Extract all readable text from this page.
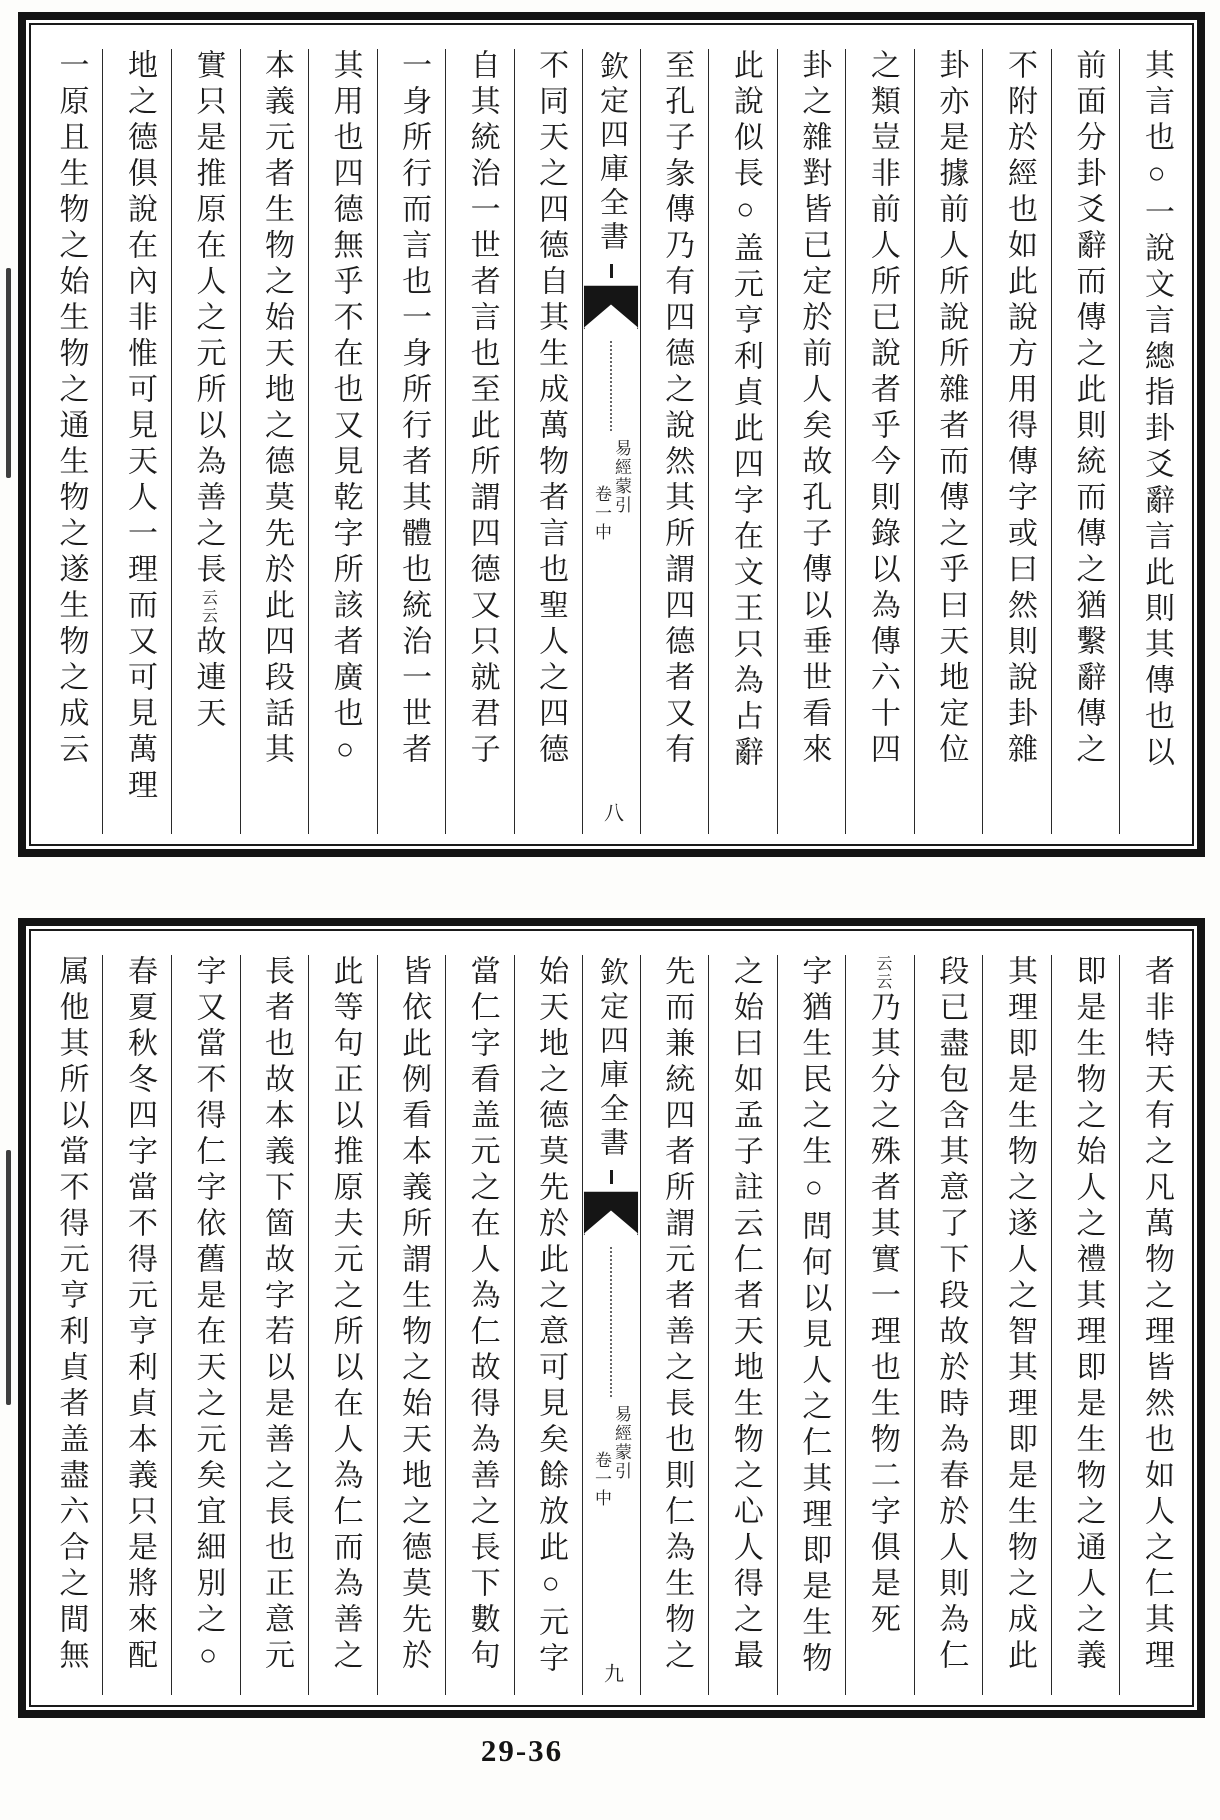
其言也○一說文言總指卦爻辭言此則其傳也以
前面分卦爻辭而傳之此則統而傳之猶繫辭傳之
不附於經也如此說方用得傳字或曰然則說卦雜
卦亦是據前人所說所雜者而傳之乎曰天地定位
之類豈非前人所已說者乎今則錄以為傳六十四
卦之雜對皆已定於前人矣故孔子傳以垂世看來
此說似長○盖元亨利貞此四字在文王只為占辭
至孔子彖傳乃有四德之說然其所謂四德者又有
欽定四庫全書
易經蒙引
卷一中
八
不同天之四德自其生成萬物者言也聖人之四德
自其統治一世者言也至此所謂四德又只就君子
一身所行而言也一身所行者其體也統治一世者
其用也四德無乎不在也又見乾字所該者廣也○
本義元者生物之始天地之德莫先於此四段話其
實只是推原在人之元所以為善之長云云故連天
地之德俱說在內非惟可見天人一理而又可見萬理
一原且生物之始生物之通生物之遂生物之成云
者非特天有之凡萬物之理皆然也如人之仁其理
即是生物之始人之禮其理即是生物之通人之義
其理即是生物之遂人之智其理即是生物之成此
段已盡包含其意了下段故於時為春於人則為仁
云云乃其分之殊者其實一理也生物二字俱是死
字猶生民之生○問何以見人之仁其理即是生物
之始曰如孟子註云仁者天地生物之心人得之最
先而兼統四者所謂元者善之長也則仁為生物之
欽定四庫全書
易經蒙引
卷一中
九
始天地之德莫先於此之意可見矣餘放此○元字
當仁字看盖元之在人為仁故得為善之長下數句
皆依此例看本義所謂生物之始天地之德莫先於
此等句正以推原夫元之所以在人為仁而為善之
長者也故本義下箇故字若以是善之長也正意元
字又當不得仁字依舊是在天之元矣宜細別之○
春夏秋冬四字當不得元亨利貞本義只是將來配
属他其所以當不得元亨利貞者盖盡六合之間無
29-36
